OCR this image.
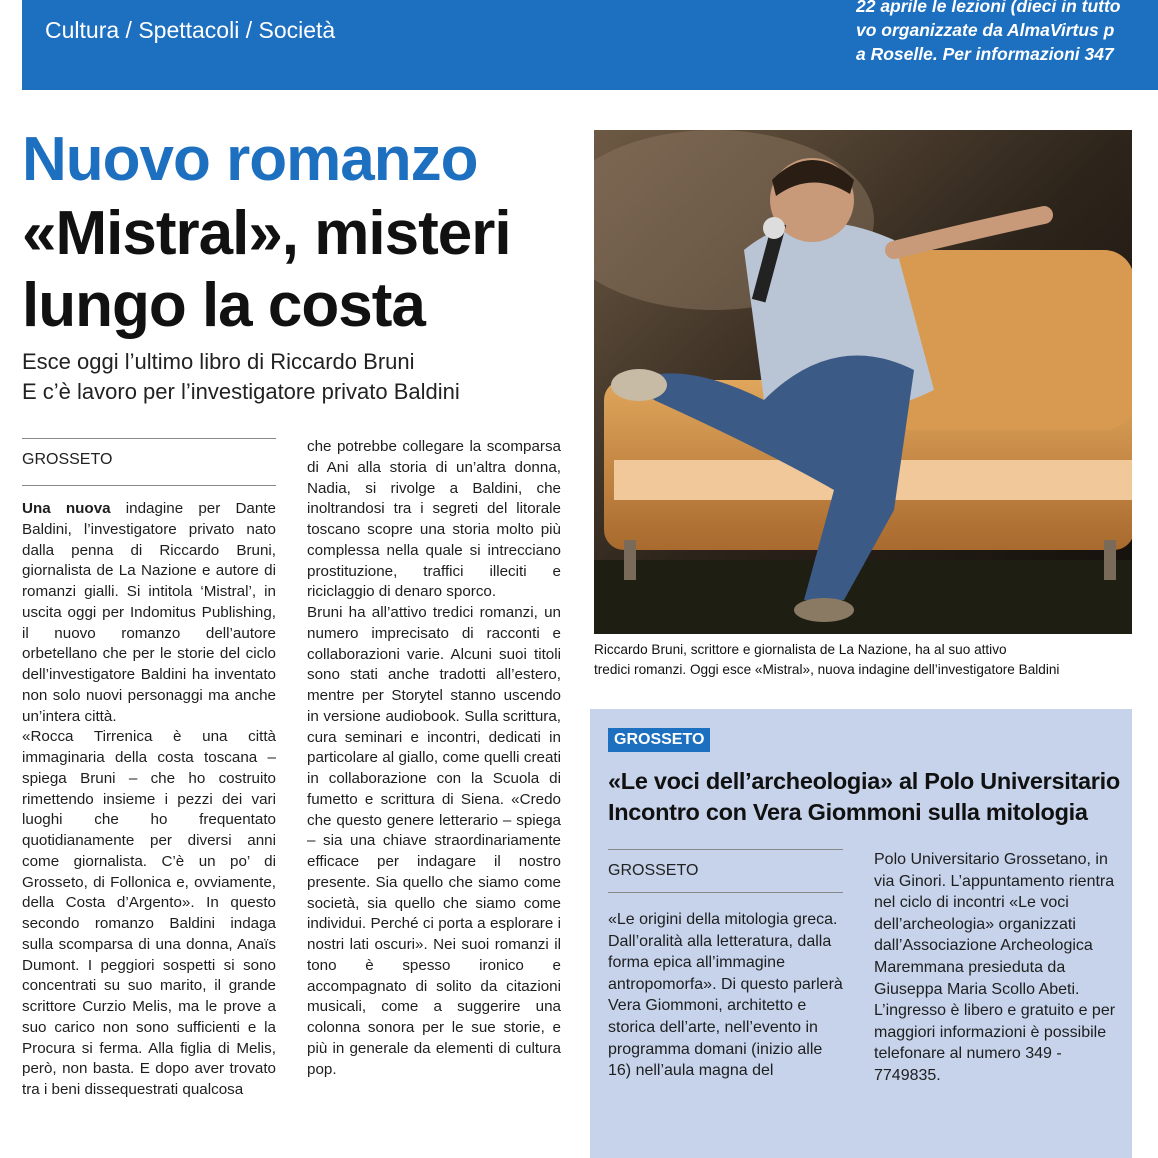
Cultura / Spettacoli / Società
22 aprile le lezioni (dieci in tutto
vo organizzate da AlmaVirtus p
a Roselle. Per informazioni 347
Nuovo romanzo
«Mistral», misteri
lungo la costa
Esce oggi l’ultimo libro di Riccardo Bruni
E c’è lavoro per l’investigatore privato Baldini
GROSSETO

Una nuova indagine per Dante Baldini, l’investigatore privato nato dalla penna di Riccardo Bruni, giornalista de La Nazione e autore di romanzi gialli. Si intitola ‘Mistral’, in uscita oggi per Indomitus Publishing, il nuovo romanzo dell’autore orbetellano che per le storie del ciclo dell’investigatore Baldini ha inventato non solo nuovi personaggi ma anche un’intera città.

«Rocca Tirrenica è una città immaginaria della costa toscana – spiega Bruni – che ho costruito rimettendo insieme i pezzi dei vari luoghi che ho frequentato quotidianamente per diversi anni come giornalista. C’è un po’ di Grosseto, di Follonica e, ovviamente, della Costa d’Argento». In questo secondo romanzo Baldini indaga sulla scomparsa di una donna, Anaïs Dumont. I peggiori sospetti si sono concentrati su suo marito, il grande scrittore Curzio Melis, ma le prove a suo carico non sono sufficienti e la Procura si ferma. Alla figlia di Melis, però, non basta. E dopo aver trovato tra i beni dissequestrati qualcosa

che potrebbe collegare la scomparsa di Ani alla storia di un’altra donna, Nadia, si rivolge a Baldini, che inoltrandosi tra i segreti del litorale toscano scopre una storia molto più complessa nella quale si intrecciano prostituzione, traffici illeciti e riciclaggio di denaro sporco.

Bruni ha all’attivo tredici romanzi, un numero imprecisato di racconti e collaborazioni varie. Alcuni suoi titoli sono stati anche tradotti all’estero, mentre per Storytel stanno uscendo in versione audiobook. Sulla scrittura, cura seminari e incontri, dedicati in particolare al giallo, come quelli creati in collaborazione con la Scuola di fumetto e scrittura di Siena. «Credo che questo genere letterario – spiega – sia una chiave straordinariamente efficace per indagare il nostro presente. Sia quello che siamo come società, sia quello che siamo come individui. Perché ci porta a esplorare i nostri lati oscuri». Nei suoi romanzi il tono è spesso ironico e accompagnato di solito da citazioni musicali, come a suggerire una colonna sonora per le sue storie, e più in generale da elementi di cultura pop.

Riccardo Bruni, scrittore e giornalista de La Nazione, ha al suo attivo
tredici romanzi. Oggi esce «Mistral», nuova indagine dell’investigatore Baldini
GROSSETO
«Le voci dell’archeologia» al Polo Universitario
Incontro con Vera Giommoni sulla mitologia
GROSSETO

«Le origini della mitologia greca. Dall’oralità alla letteratura, dalla forma epica all’immagine antropomorfa». Di questo parlerà Vera Giommoni, architetto e storica dell’arte, nell’evento in programma domani (inizio alle 16) nell’aula magna del

Polo Universitario Grossetano, in via Ginori. L’appuntamento rientra nel ciclo di incontri «Le voci dell’archeologia» organizzati dall’Associazione Archeologica Maremmana presieduta da Giuseppa Maria Scollo Abeti.

L’ingresso è libero e gratuito e per maggiori informazioni è possibile telefonare al numero 349 - 7749835.
